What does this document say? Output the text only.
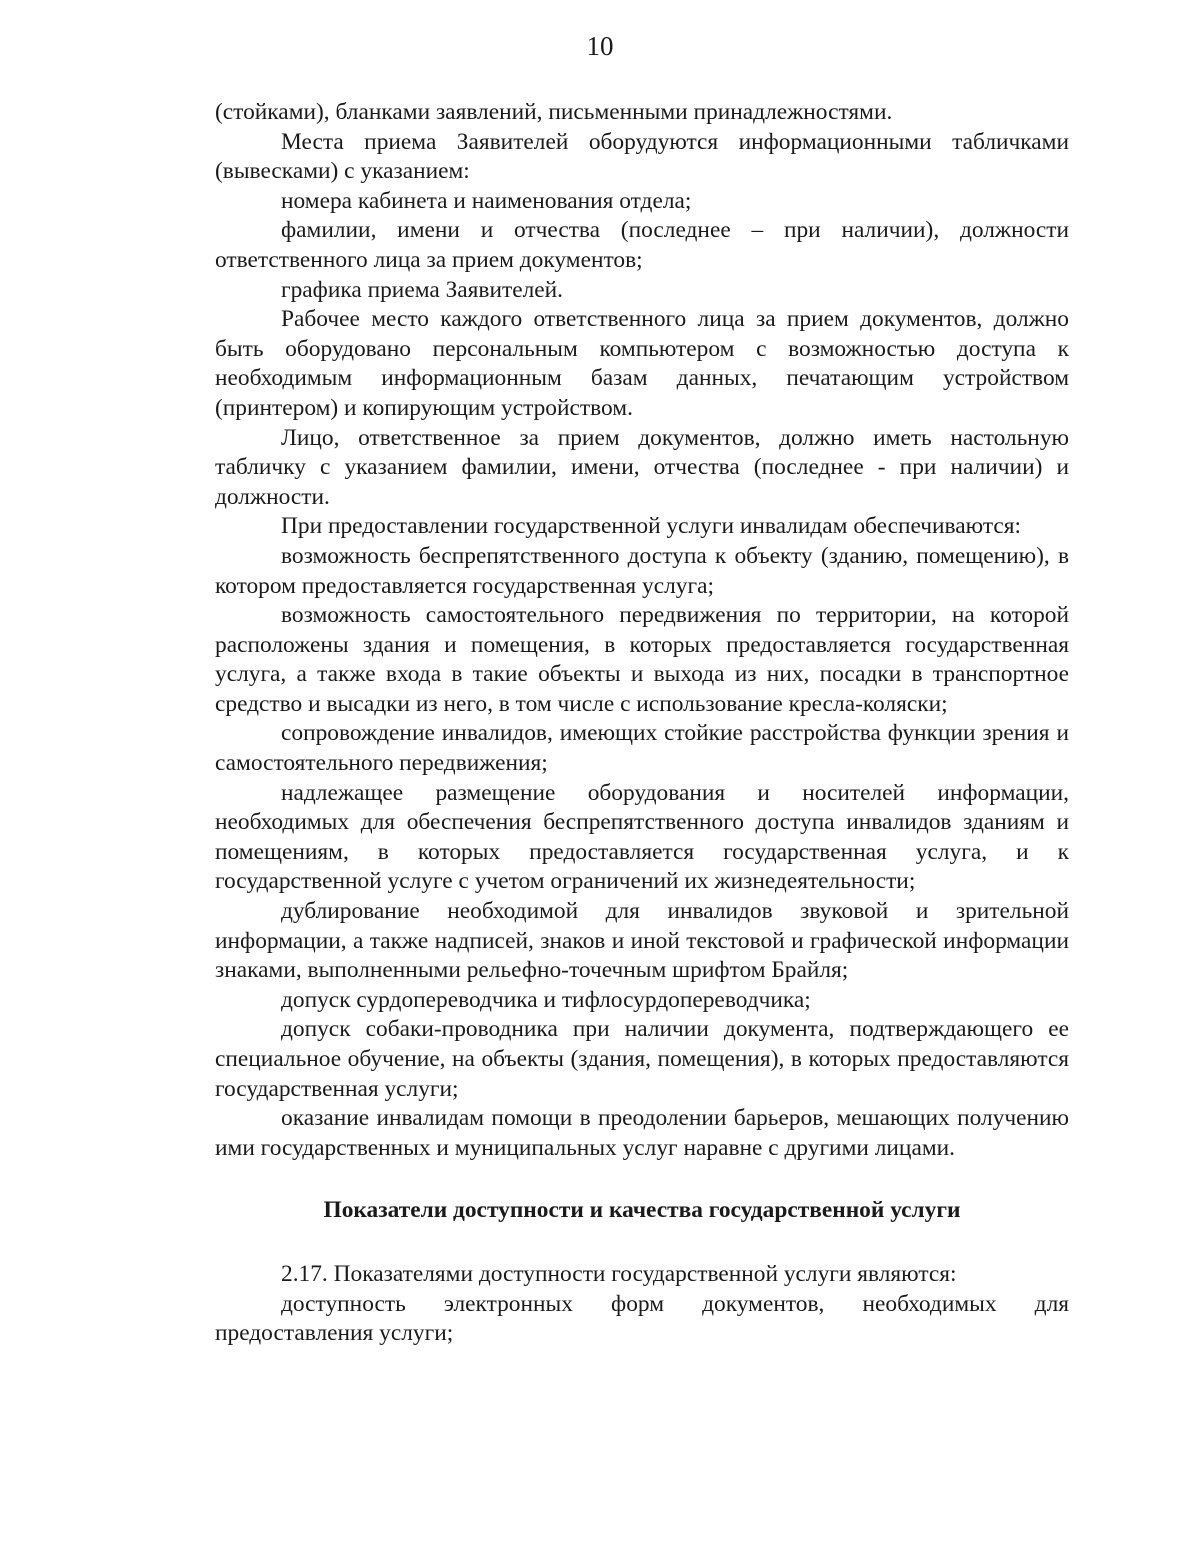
10

(стойками), бланками заявлений, письменными принадлежностями.

Места приема Заявителей оборудуются информационными табличками (вывесками) с указанием:

номера кабинета и наименования отдела;

фамилии, имени и отчества (последнее – при наличии), должности ответственного лица за прием документов;

графика приема Заявителей.

Рабочее место каждого ответственного лица за прием документов, должно быть оборудовано персональным компьютером с возможностью доступа к необходимым информационным базам данных, печатающим устройством (принтером) и копирующим устройством.

Лицо, ответственное за прием документов, должно иметь настольную табличку с указанием фамилии, имени, отчества (последнее - при наличии) и должности.

При предоставлении государственной услуги инвалидам обеспечиваются:

возможность беспрепятственного доступа к объекту (зданию, помещению), в котором предоставляется государственная услуга;

возможность самостоятельного передвижения по территории, на которой расположены здания и помещения, в которых предоставляется государственная услуга, а также входа в такие объекты и выхода из них, посадки в транспортное средство и высадки из него, в том числе с использование кресла-коляски;

сопровождение инвалидов, имеющих стойкие расстройства функции зрения и самостоятельного передвижения;

надлежащее размещение оборудования и носителей информации, необходимых для обеспечения беспрепятственного доступа инвалидов зданиям и помещениям, в которых предоставляется государственная услуга, и к государственной услуге с учетом ограничений их жизнедеятельности;

дублирование необходимой для инвалидов звуковой и зрительной информации, а также надписей, знаков и иной текстовой и графической информации знаками, выполненными рельефно-точечным шрифтом Брайля;

допуск сурдопереводчика и тифлосурдопереводчика;

допуск собаки-проводника при наличии документа, подтверждающего ее специальное обучение, на объекты (здания, помещения), в которых предоставляются государственная услуги;

оказание инвалидам помощи в преодолении барьеров, мешающих получению ими государственных и муниципальных услуг наравне с другими лицами.

Показатели доступности и качества государственной услуги

2.17. Показателями доступности государственной услуги являются:

доступность электронных форм документов, необходимых для предоставления услуги;
